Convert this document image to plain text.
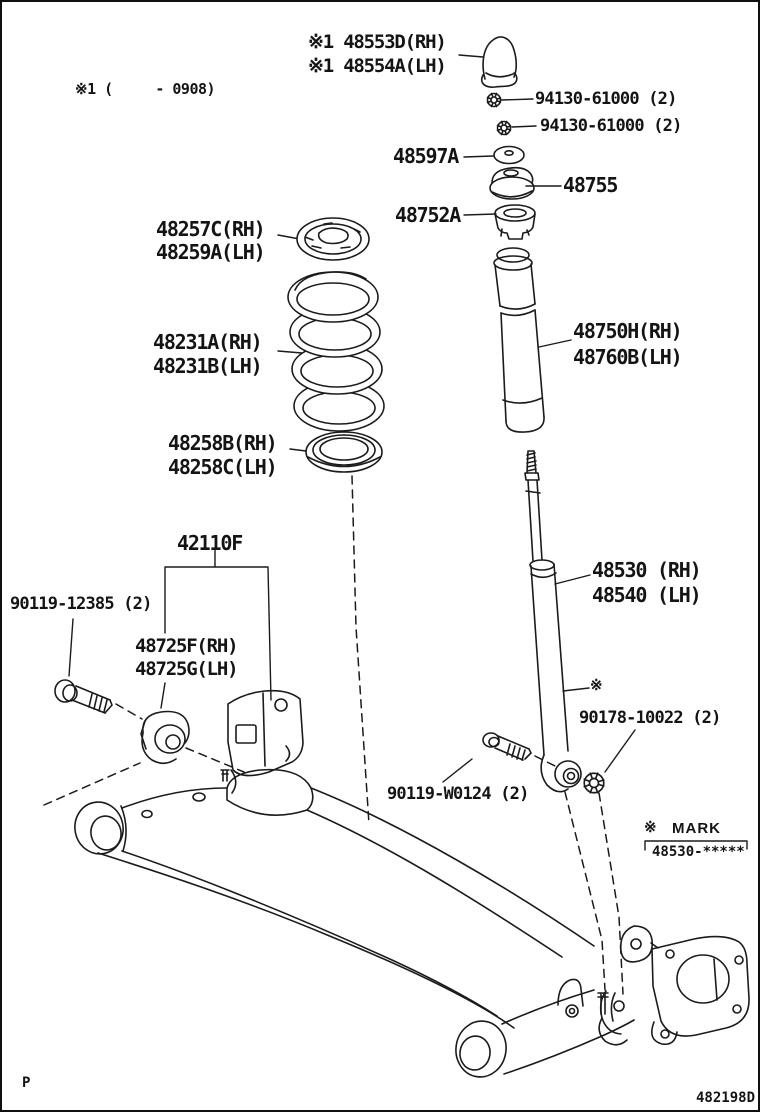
※1 (     - 0908)
※1 48553D(RH)
※1 48554A(LH)
94130-61000 (2)
94130-61000 (2)
48597A
48755
48752A
48257C(RH)
48259A(LH)
48231A(RH)
48231B(LH)
48258B(RH)
48258C(LH)
42110F
90119-12385 (2)
48725F(RH)
48725G(LH)
48750H(RH)
48760B(LH)
48530 (RH)
48540 (LH)
※
90178-10022 (2)
90119-W0124 (2)
※ MARK
48530-*****
P
482198D
